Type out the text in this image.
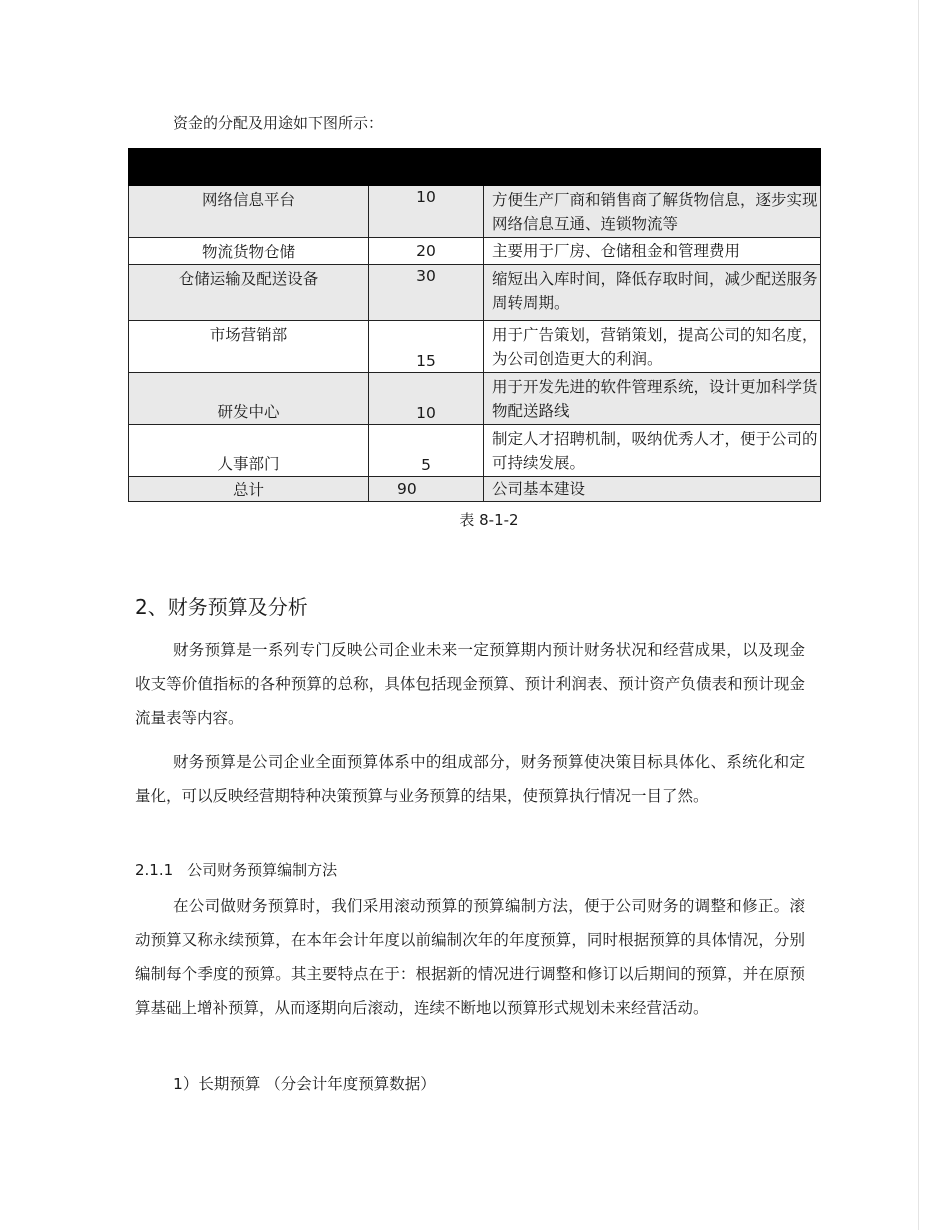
资金的分配及用途如下图所示：

网络信息平台	10	方便生产厂商和销售商了解货物信息，逐步实现网络信息互通、连锁物流等
物流货物仓储	20	主要用于厂房、仓储租金和管理费用
仓储运输及配送设备	30	缩短出入库时间，降低存取时间，减少配送服务周转周期。
市场营销部	15	用于广告策划，营销策划，提高公司的知名度，为公司创造更大的利润。
研发中心	10	用于开发先进的软件管理系统，设计更加科学货物配送路线
人事部门	5	制定人才招聘机制，吸纳优秀人才，便于公司的可持续发展。
总计	90	公司基本建设
表 8-1-2
2、财务预算及分析

财务预算是一系列专门反映公司企业未来一定预算期内预计财务状况和经营成果，以及现金收支等价值指标的各种预算的总称，具体包括现金预算、预计利润表、预计资产负债表和预计现金流量表等内容。

财务预算是公司企业全面预算体系中的组成部分，财务预算使决策目标具体化、系统化和定量化，可以反映经营期特种决策预算与业务预算的结果，使预算执行情况一目了然。

2.1.1 公司财务预算编制方法

在公司做财务预算时，我们采用滚动预算的预算编制方法，便于公司财务的调整和修正。滚动预算又称永续预算，在本年会计年度以前编制次年的年度预算，同时根据预算的具体情况，分别编制每个季度的预算。其主要特点在于：根据新的情况进行调整和修订以后期间的预算，并在原预算基础上增补预算，从而逐期向后滚动，连续不断地以预算形式规划未来经营活动。

1）长期预算 （分会计年度预算数据）
